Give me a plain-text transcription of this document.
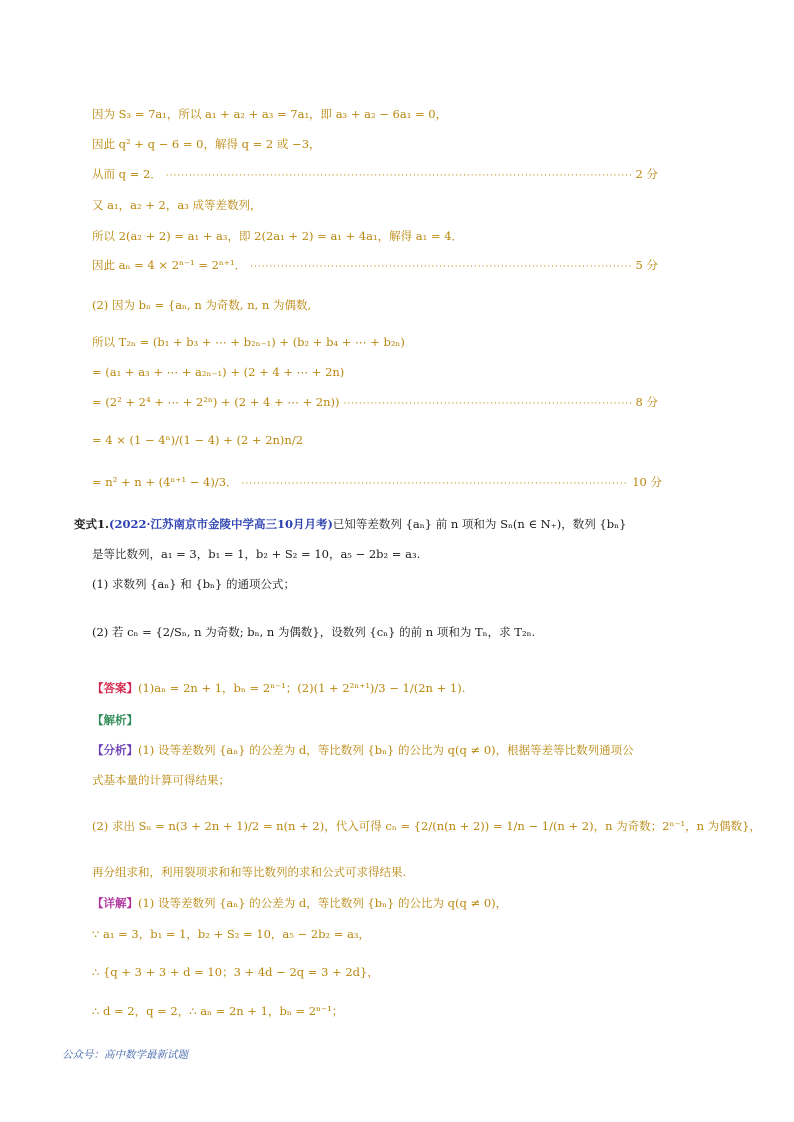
因为 S₃ = 7a₁，所以 a₁ + a₂ + a₃ = 7a₁，即 a₃ + a₂ − 6a₁ = 0，
因此 q² + q − 6 = 0，解得 q = 2 或 −3，
从而 q = 2． ·····	2 分
又 a₁，a₂ + 2，a₃ 成等差数列，
所以 2(a₂ + 2) = a₁ + a₃，即 2(2a₁ + 2) = a₁ + 4a₁，解得 a₁ = 4．
因此 aₙ = 4 × 2ⁿ⁻¹ = 2ⁿ⁺¹． ·····	5 分
(2) 因为 bₙ = {aₙ, n 为奇数, n, n 为偶数,
所以 T₂ₙ = (b₁ + b₃ + ⋯ + b₂ₙ₋₁) + (b₂ + b₄ + ⋯ + b₂ₙ)
= (a₁ + a₃ + ⋯ + a₂ₙ₋₁) + (2 + 4 + ⋯ + 2n)
= (2² + 2⁴ + ⋯ + 2²ⁿ) + (2 + 4 + ⋯ + 2n)) ·····	8 分
= 4 × (1 − 4ⁿ)/(1 − 4) + (2 + 2n)n/2
= n² + n + (4ⁿ⁺¹ − 4)/3． ·····	10 分
变式1.(2022·江苏南京市金陵中学高三10月月考)已知等差数列 {aₙ} 前 n 项和为 Sₙ(n ∈ N₊)，数列 {bₙ}
是等比数列，a₁ = 3，b₁ = 1，b₂ + S₂ = 10，a₅ − 2b₂ = a₃.
(1) 求数列 {aₙ} 和 {bₙ} 的通项公式；
(2) 若 cₙ = {2/Sₙ, n 为奇数; bₙ, n 为偶数}，设数列 {cₙ} 的前 n 项和为 Tₙ，求 T₂ₙ.
【答案】(1)aₙ = 2n + 1，bₙ = 2ⁿ⁻¹；(2)(1 + 2²ⁿ⁺¹)/3 − 1/(2n + 1).
【解析】
【分析】(1) 设等差数列 {aₙ} 的公差为 d，等比数列 {bₙ} 的公比为 q(q ≠ 0)，根据等差等比数列通项公
式基本量的计算可得结果；
(2) 求出 Sₙ = n(3 + 2n + 1)/2 = n(n + 2)，代入可得 cₙ = {2/(n(n + 2)) = 1/n − 1/(n + 2)，n 为奇数；2ⁿ⁻¹，n 为偶数}，
再分组求和，利用裂项求和和等比数列的求和公式可求得结果.
【详解】(1) 设等差数列 {aₙ} 的公差为 d，等比数列 {bₙ} 的公比为 q(q ≠ 0)，
∵ a₁ = 3，b₁ = 1，b₂ + S₂ = 10，a₅ − 2b₂ = a₃，
∴ {q + 3 + 3 + d = 10；3 + 4d − 2q = 3 + 2d}，
∴ d = 2，q = 2，∴ aₙ = 2n + 1，bₙ = 2ⁿ⁻¹；
公众号：高中数学最新试题
